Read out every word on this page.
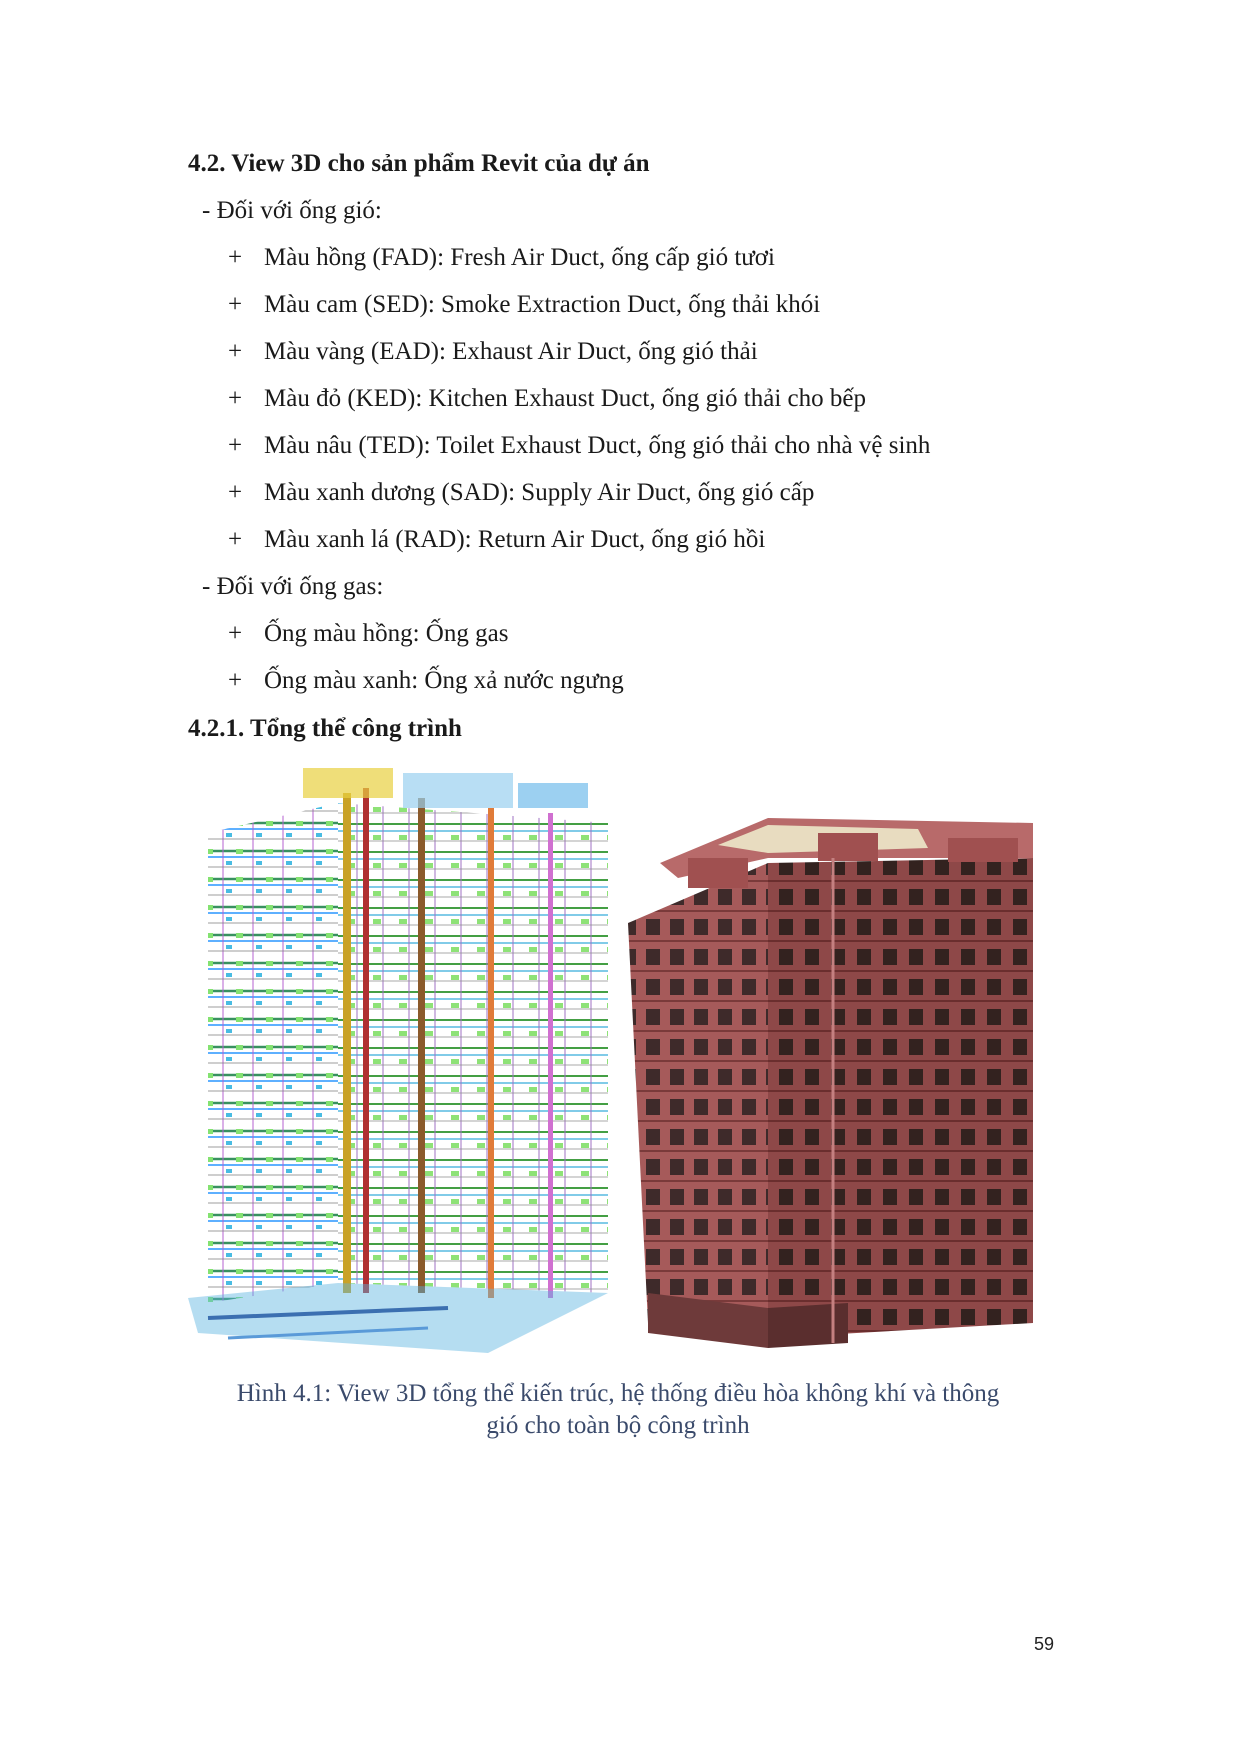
4.2. View 3D cho sản phẩm Revit của dự án

- Đối với ống gió:

+ Màu hồng (FAD): Fresh Air Duct, ống cấp gió tươi
+ Màu cam (SED): Smoke Extraction Duct, ống thải khói
+ Màu vàng (EAD): Exhaust Air Duct, ống gió thải
+ Màu đỏ (KED): Kitchen Exhaust Duct, ống gió thải cho bếp
+ Màu nâu (TED): Toilet Exhaust Duct, ống gió thải cho nhà vệ sinh
+ Màu xanh dương (SAD): Supply Air Duct, ống gió cấp
+ Màu xanh lá (RAD): Return Air Duct, ống gió hồi

- Đối với ống gas:

+ Ống màu hồng: Ống gas
+ Ống màu xanh: Ống xả nước ngưng
4.2.1. Tổng thể công trình
Hình 4.1: View 3D tổng thể kiến trúc, hệ thống điều hòa không khí và thông
gió cho toàn bộ công trình
59
